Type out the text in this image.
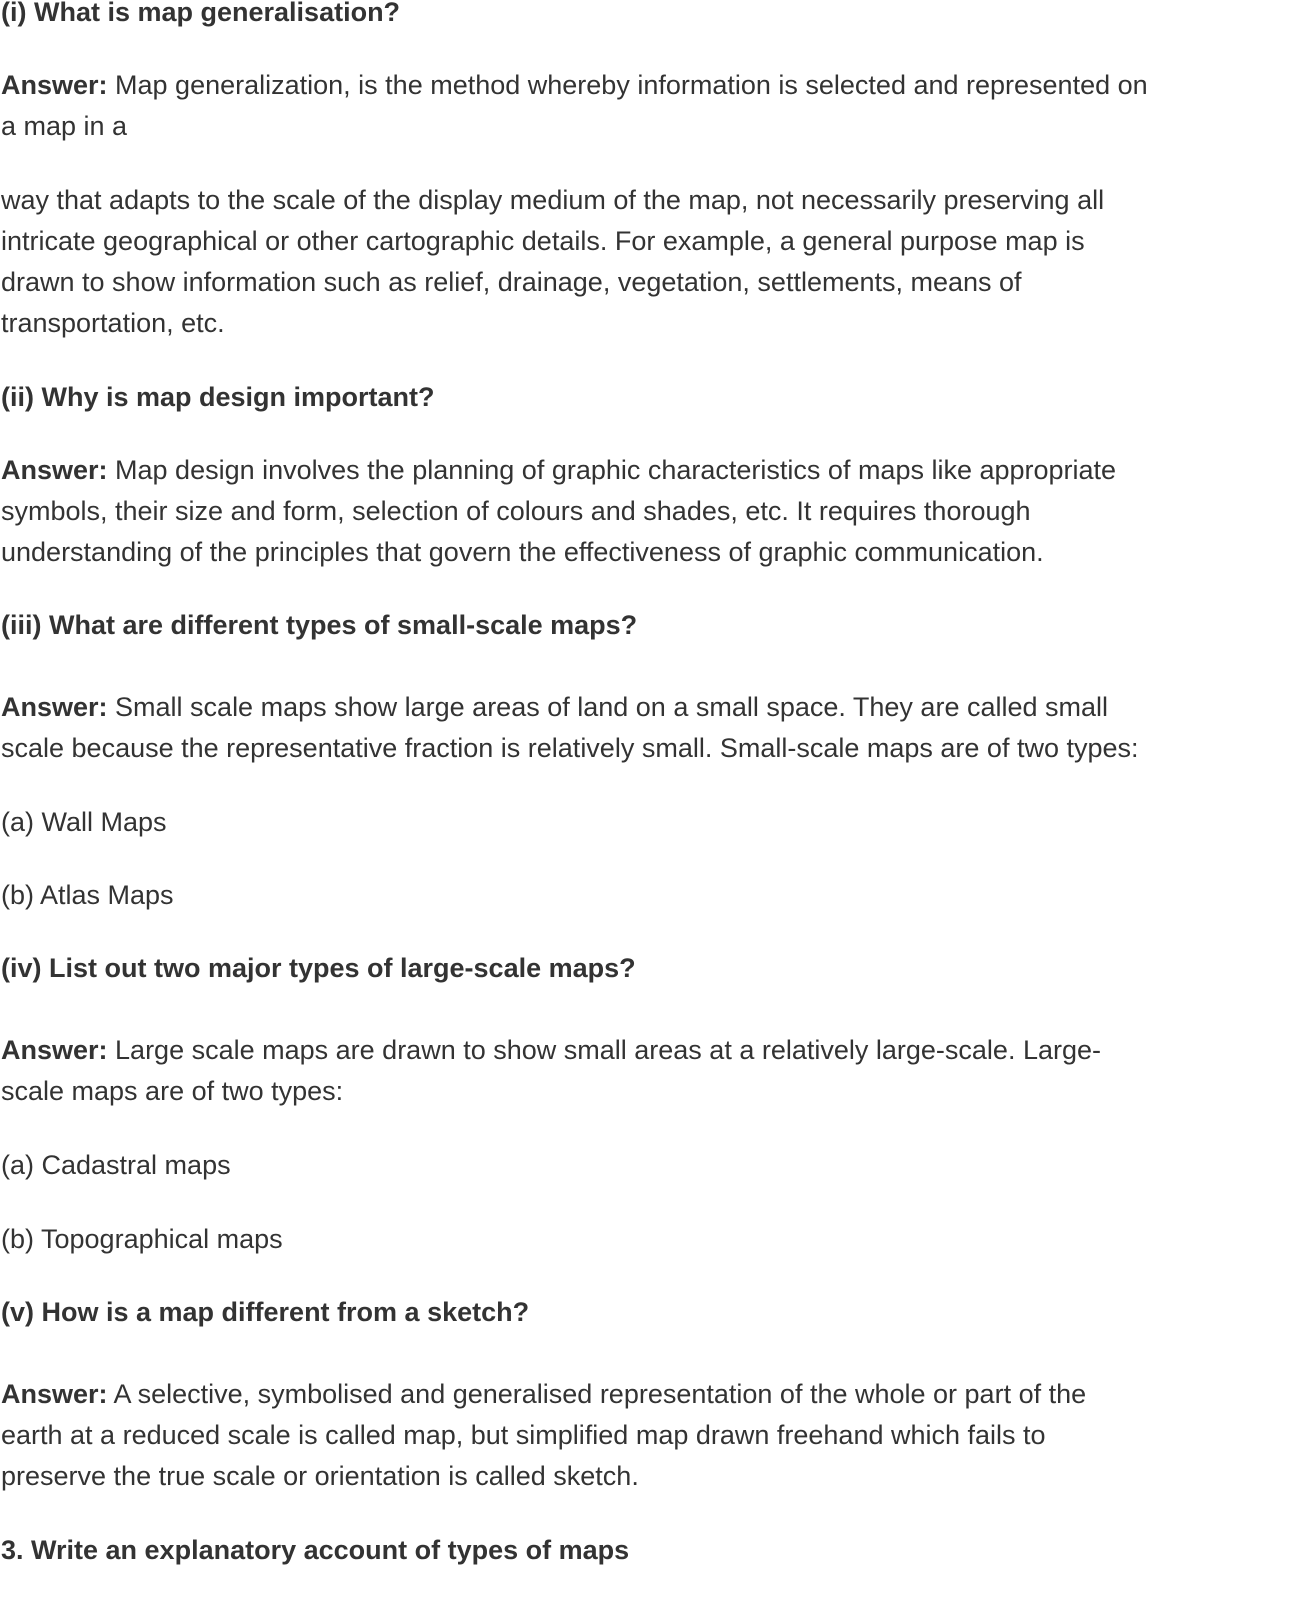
(i) What is map generalisation?
Answer: Map generalization, is the method whereby information is selected and represented on
a map in a
way that adapts to the scale of the display medium of the map, not necessarily preserving all
intricate geographical or other cartographic details. For example, a general purpose map is
drawn to show information such as relief, drainage, vegetation, settlements, means of
transportation, etc.
(ii) Why is map design important?
Answer: Map design involves the planning of graphic characteristics of maps like appropriate
symbols, their size and form, selection of colours and shades, etc. It requires thorough
understanding of the principles that govern the effectiveness of graphic communication.
(iii) What are different types of small-scale maps?
Answer: Small scale maps show large areas of land on a small space. They are called small
scale because the representative fraction is relatively small. Small-scale maps are of two types:
(a) Wall Maps
(b) Atlas Maps
(iv) List out two major types of large-scale maps?
Answer: Large scale maps are drawn to show small areas at a relatively large-scale. Large-
scale maps are of two types:
(a) Cadastral maps
(b) Topographical maps
(v) How is a map different from a sketch?
Answer: A selective, symbolised and generalised representation of the whole or part of the
earth at a reduced scale is called map, but simplified map drawn freehand which fails to
preserve the true scale or orientation is called sketch.
3. Write an explanatory account of types of maps
